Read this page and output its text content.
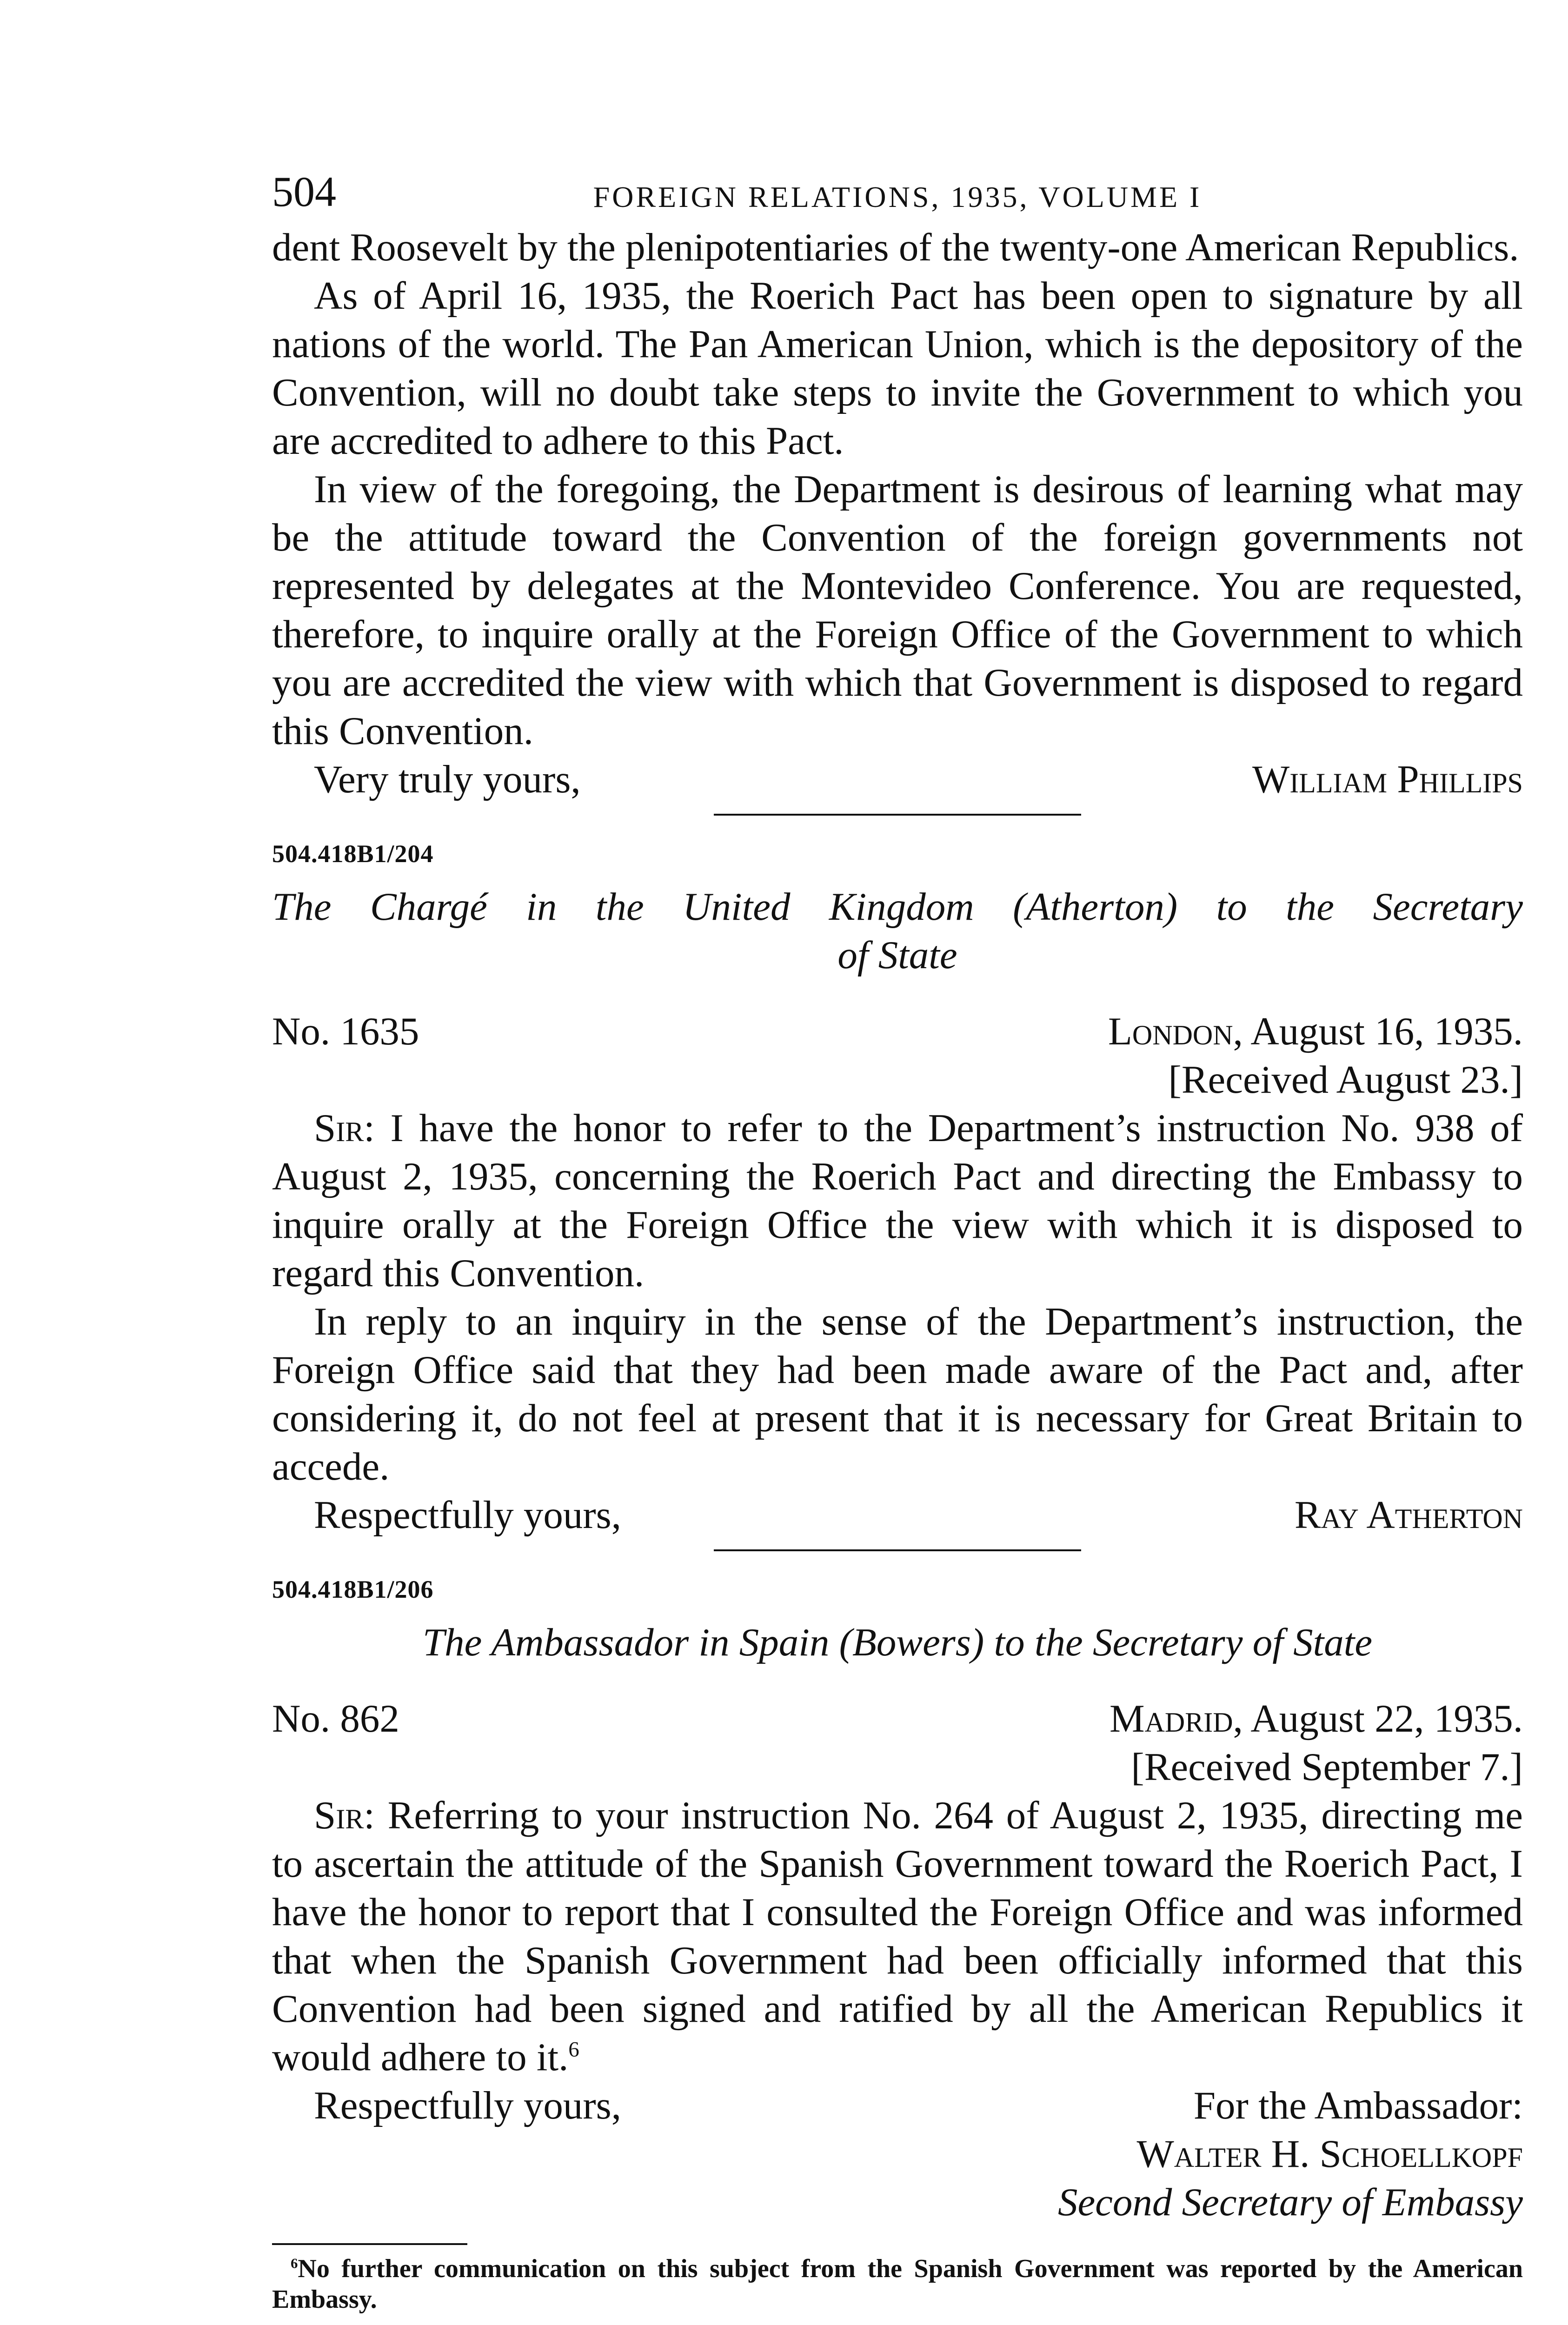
504	FOREIGN RELATIONS, 1935, VOLUME I

dent Roosevelt by the plenipotentiaries of the twenty-one American Republics.

As of April 16, 1935, the Roerich Pact has been open to signature by all nations of the world. The Pan American Union, which is the depository of the Convention, will no doubt take steps to invite the Government to which you are accredited to adhere to this Pact.

In view of the foregoing, the Department is desirous of learning what may be the attitude toward the Convention of the foreign governments not represented by delegates at the Montevideo Conference. You are requested, therefore, to inquire orally at the Foreign Office of the Government to which you are accredited the view with which that Government is disposed to regard this Convention.

Very truly yours,	William Phillips
504.418B1/204
The Chargé in the United Kingdom (Atherton) to the Secretary
of State
No. 1635	London, August 16, 1935.
[Received August 23.]

Sir: I have the honor to refer to the Department’s instruction No. 938 of August 2, 1935, concerning the Roerich Pact and directing the Embassy to inquire orally at the Foreign Office the view with which it is disposed to regard this Convention.

In reply to an inquiry in the sense of the Department’s instruction, the Foreign Office said that they had been made aware of the Pact and, after considering it, do not feel at present that it is necessary for Great Britain to accede.

Respectfully yours,	Ray Atherton
504.418B1/206
The Ambassador in Spain (Bowers) to the Secretary of State
No. 862	Madrid, August 22, 1935.
[Received September 7.]

Sir: Referring to your instruction No. 264 of August 2, 1935, directing me to ascertain the attitude of the Spanish Government toward the Roerich Pact, I have the honor to report that I consulted the Foreign Office and was informed that when the Spanish Government had been officially informed that this Convention had been signed and ratified by all the American Republics it would adhere to it.$^6$

Respectfully yours,	For the Ambassador:
Walter H. Schoellkopf
Second Secretary of Embassy
$^6$No further communication on this subject from the Spanish Government was reported by the American Embassy.
